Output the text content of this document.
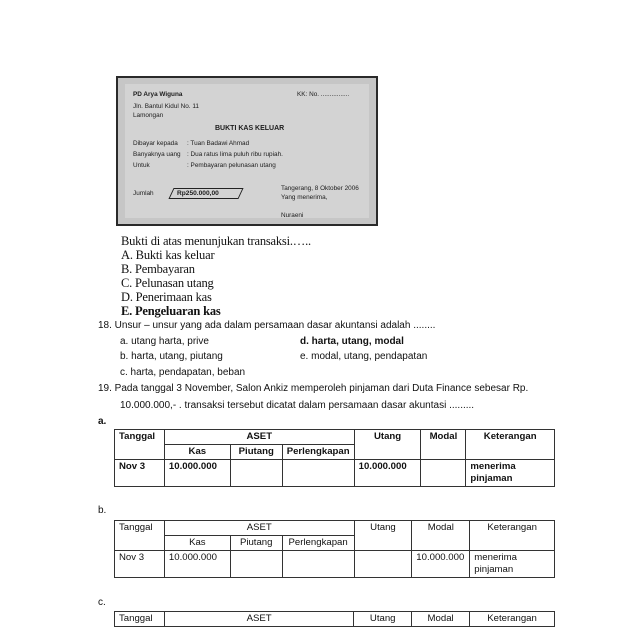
PD Arya Wiguna	KK: No. ................
Jln. Bantul Kidul No. 11
Lamongan
BUKTI KAS KELUAR
Dibayar kepada : Tuan Badawi Ahmad
Banyaknya uang : Dua ratus lima puluh ribu rupiah.
Untuk	: Pembayaran pelunasan utang
Jumlah	Rp250.000,00
Tangerang, 8 Oktober 2006
Yang menerima,
Nuraeni
Bukti di atas menunjukan transaksi.…..
A. Bukti kas keluar
B. Pembayaran
C. Pelunasan utang
D. Penerimaan kas
E. Pengeluaran kas
18. Unsur – unsur yang ada dalam persamaan dasar akuntansi adalah ........
a. utang harta, prive	d. harta, utang, modal
b. harta, utang, piutang	e. modal, utang, pendapatan
c. harta, pendapatan, beban
19. Pada tanggal 3 November, Salon Ankiz memperoleh pinjaman dari Duta Finance sebesar Rp.
10.000.000,- . transaksi tersebut dicatat dalam persamaan dasar akuntasi .........
a.
Tanggal	ASET			Utang	Modal	Keterangan
	Kas	Piutang	Perlengkapan			
Nov 3	10.000.000			10.000.000		menerima pinjaman
b.
Tanggal	ASET			Utang	Modal	Keterangan
	Kas	Piutang	Perlengkapan			
Nov 3	10.000.000				10.000.000	menerima pinjaman
c.
Tanggal	ASET	Utang	Modal	Keterangan
